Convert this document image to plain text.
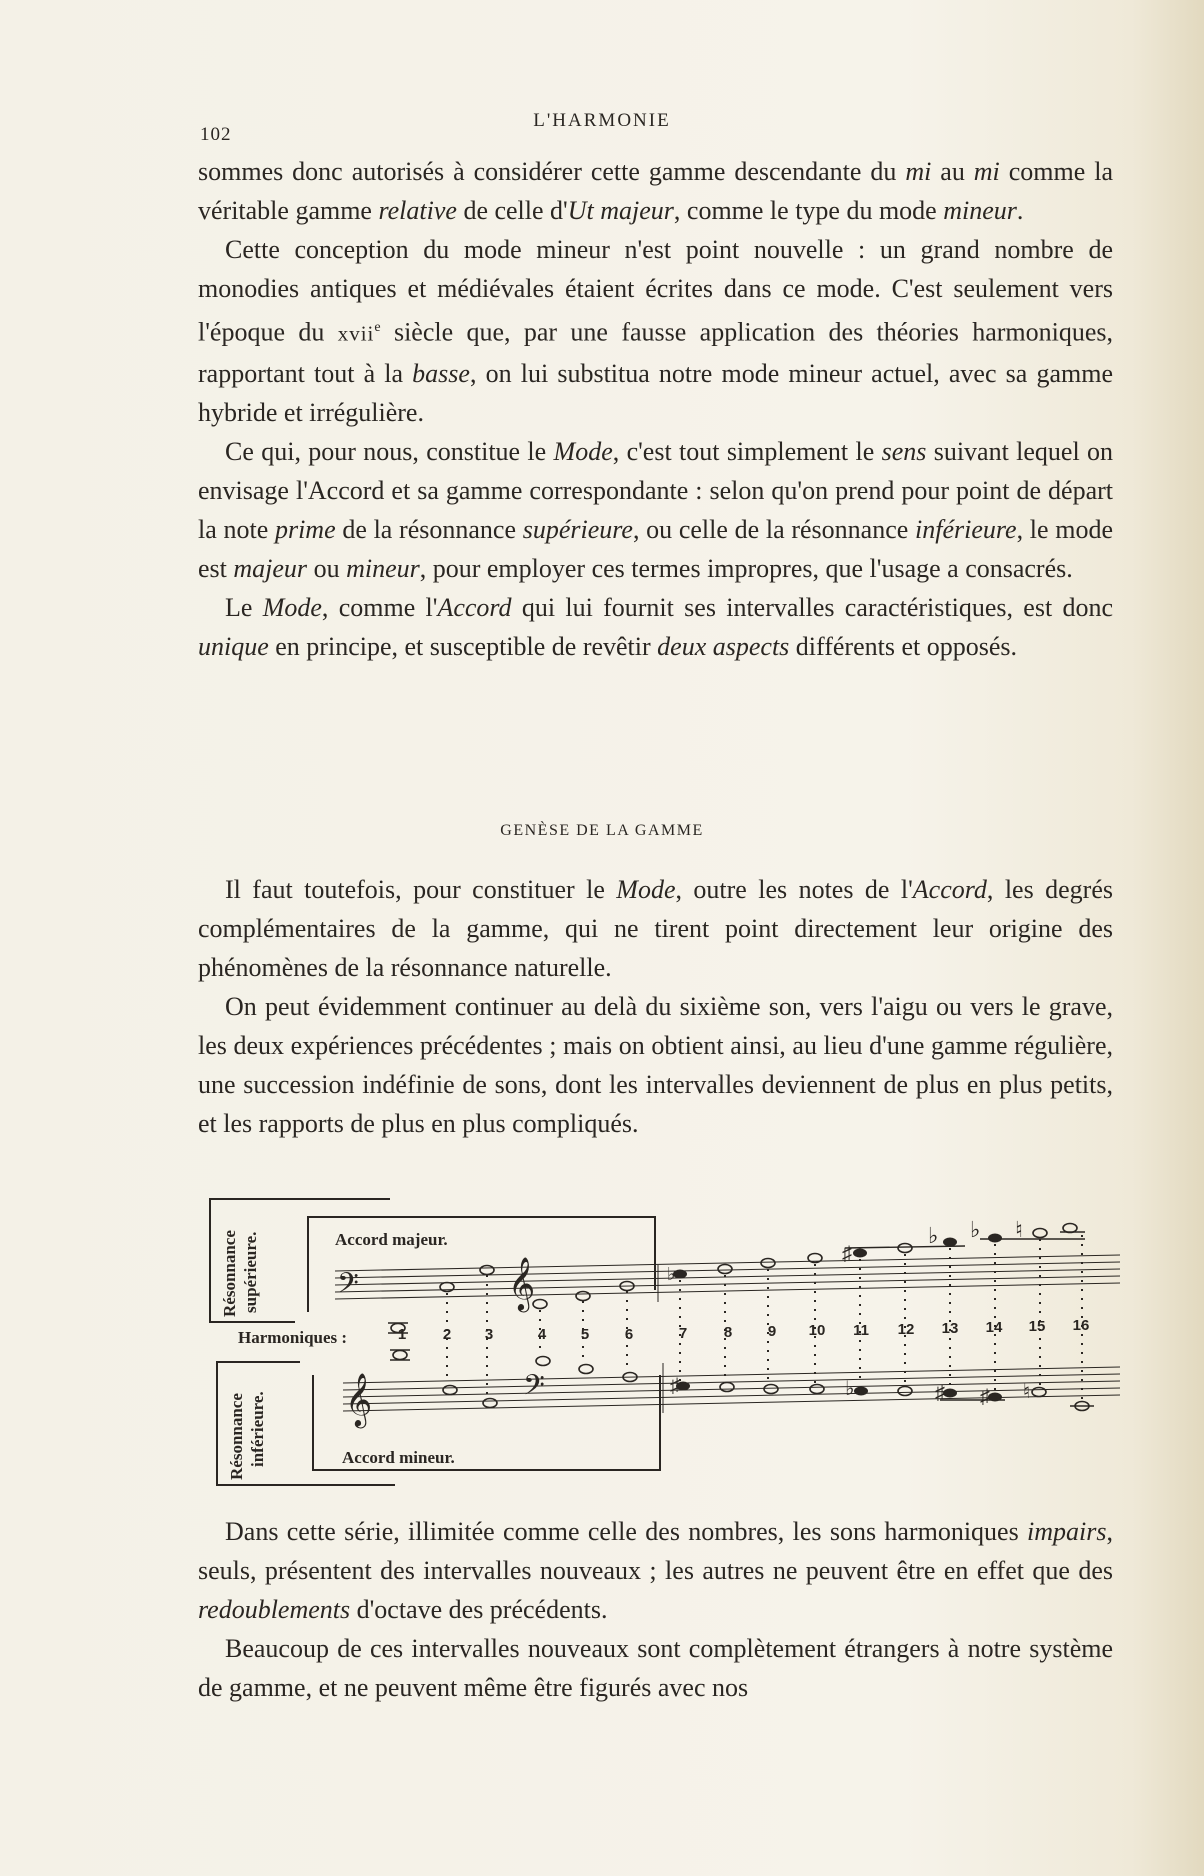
102
L'HARMONIE

sommes donc autorisés à considérer cette gamme descendante du mi au mi comme la véritable gamme relative de celle d'Ut majeur, comme le type du mode mineur.

Cette conception du mode mineur n'est point nouvelle : un grand nombre de monodies antiques et médiévales étaient écrites dans ce mode. C'est seulement vers l'époque du xvii$^e$ siècle que, par une fausse application des théories harmoniques, rapportant tout à la basse, on lui substitua notre mode mineur actuel, avec sa gamme hybride et irrégulière.

Ce qui, pour nous, constitue le Mode, c'est tout simplement le sens suivant lequel on envisage l'Accord et sa gamme correspondante : selon qu'on prend pour point de départ la note prime de la résonnance supérieure, ou celle de la résonnance inférieure, le mode est majeur ou mineur, pour employer ces termes impropres, que l'usage a consacrés.

Le Mode, comme l'Accord qui lui fournit ses intervalles caractéristiques, est donc unique en principe, et susceptible de revêtir deux aspects différents et opposés.

GENÈSE DE LA GAMME

Il faut toutefois, pour constituer le Mode, outre les notes de l'Accord, les degrés complémentaires de la gamme, qui ne tirent point directement leur origine des phénomènes de la résonnance naturelle.

On peut évidemment continuer au delà du sixième son, vers l'aigu ou vers le grave, les deux expériences précédentes ; mais on obtient ainsi, au lieu d'une gamme régulière, une succession indéfinie de sons, dont les intervalles deviennent de plus en plus petits, et les rapports de plus en plus compliqués.

𝄢	𝄞
𝄞	𝄢
♯
♭
♭ ♭ ♮
♯	♭	♯ ♯ ♮
Résonnance supérieure.
Résonnance inférieure.
Accord majeur.
Accord mineur.
Harmoniques :	1 2 3	4 5 6	7 8 9 10 11 12 13 14 15 16

Dans cette série, illimitée comme celle des nombres, les sons harmoniques impairs, seuls, présentent des intervalles nouveaux ; les autres ne peuvent être en effet que des redoublements d'octave des précédents.

Beaucoup de ces intervalles nouveaux sont complètement étrangers à notre système de gamme, et ne peuvent même être figurés avec nos
